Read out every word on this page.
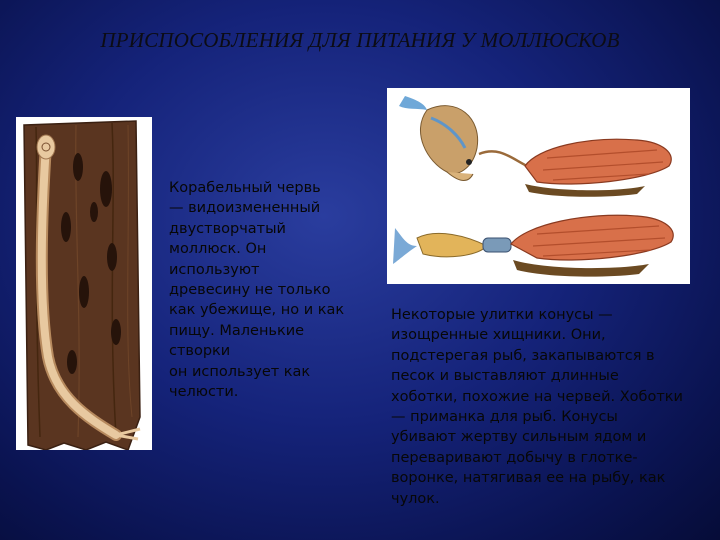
ПРИСПОСОБЛЕНИЯ ДЛЯ ПИТАНИЯ У МОЛЛЮСКОВ
Корабельный червь
— видоизмененный
двустворчатый
моллюск. Он
используют
древесину не только
как убежище, но и как
пищу. Маленькие
створки
он использует как
челюсти.
Некоторые улитки конусы —
изощренные хищники. Они,
подстерегая рыб, закапываются в
песок и выставляют длинные
хоботки, похожие на червей. Хоботки
— приманка для рыб. Конусы
убивают жертву сильным ядом и
переваривают добычу в глотке-
воронке, натягивая ее на рыбу, как
чулок.
